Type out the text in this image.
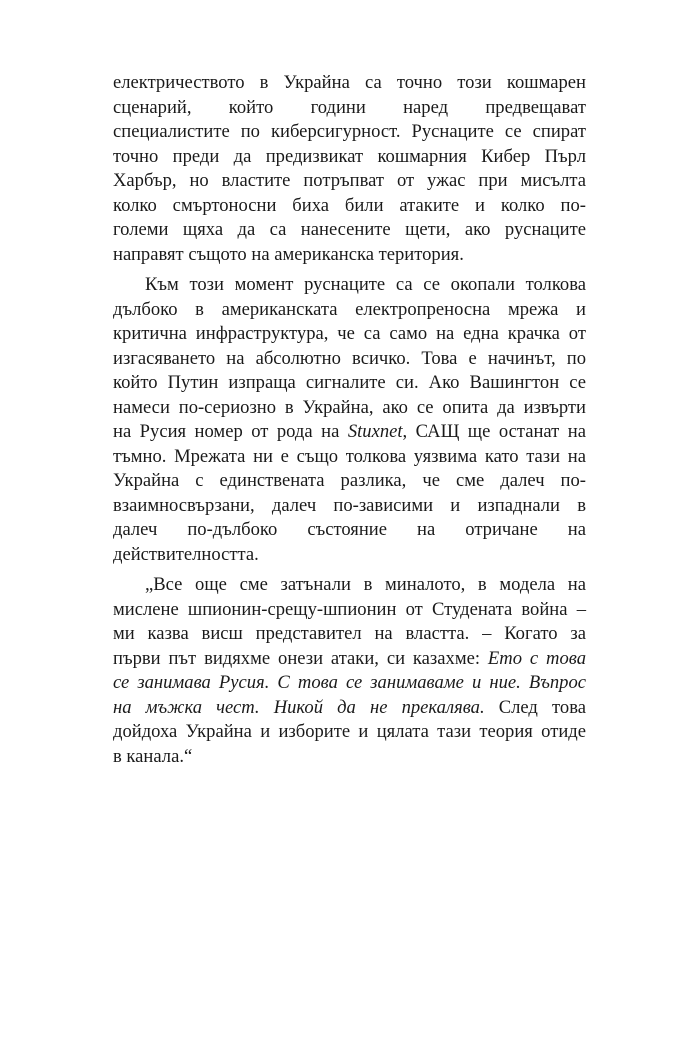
електричеството в Украйна са точно този кошмарен
сценарий, който години наред предвещават
специалистите по киберсигурност. Руснаците се спират
точно преди да предизвикат кошмарния Кибер Пърл
Харбър, но властите потръпват от ужас при мисълта
колко смъртоносни биха били атаките и колко по-
големи щяха да са нанесените щети, ако руснаците
направят същото на американска територия.
Към този момент руснаците са се окопали толкова
дълбоко в американската електропреносна мрежа и
критична инфраструктура, че са само на една крачка от
изгасяването на абсолютно всичко. Това е начинът, по
който Путин изпраща сигналите си. Ако Вашингтон се
намеси по-сериозно в Украйна, ако се опита да извърти
на Русия номер от рода на Stuxnet, САЩ ще останат на
тъмно. Мрежата ни е също толкова уязвима като тази на
Украйна с единствената разлика, че сме далеч по-
взаимносвързани, далеч по-зависими и изпаднали в
далеч по-дълбоко състояние на отричане на
действителността.
„Все още сме затънали в миналото, в модела на
мислене шпионин-срещу-шпионин от Студената война –
ми казва висш представител на властта. – Когато за
първи път видяхме онези атаки, си казахме: Ето с това
се занимава Русия. С това се занимаваме и ние. Въпрос
на мъжка чест. Никой да не прекалява. След това
дойдоха Украйна и изборите и цялата тази теория отиде
в канала.“
